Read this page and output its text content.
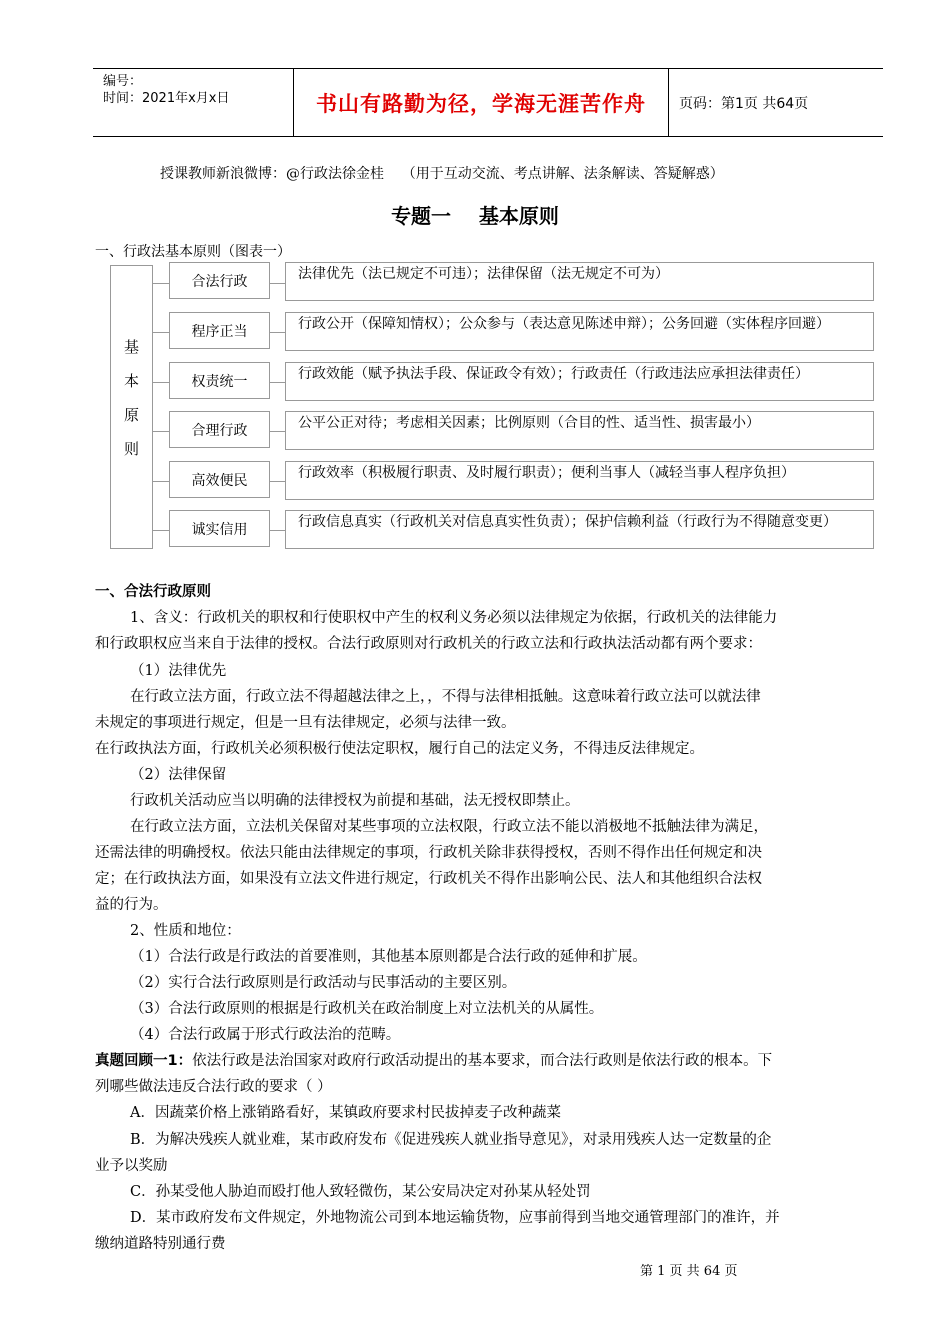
编号：
时间：2021年x月x日	书山有路勤为径，学海无涯苦作舟	页码：第1页 共64页
授课教师新浪微博：@行政法徐金桂    （用于互动交流、考点讲解、法条解读、答疑解惑）
专题一    基本原则
一、行政法基本原则（图表一）
基本原则
合法行政	法律优先（法已规定不可违）；法律保留（法无规定不可为）
程序正当	行政公开（保障知情权）；公众参与（表达意见陈述申辩）；公务回避（实体程序回避）
权责统一	行政效能（赋予执法手段、保证政令有效）；行政责任（行政违法应承担法律责任）
合理行政	公平公正对待；考虑相关因素；比例原则（合目的性、适当性、损害最小）
高效便民	行政效率（积极履行职责、及时履行职责）；便利当事人（减轻当事人程序负担）
诚实信用	行政信息真实（行政机关对信息真实性负责）；保护信赖利益（行政行为不得随意变更）
一、合法行政原则
1、含义：行政机关的职权和行使职权中产生的权利义务必须以法律规定为依据，行政机关的法律能力
和行政职权应当来自于法律的授权。合法行政原则对行政机关的行政立法和行政执法活动都有两个要求：
（1）法律优先
在行政立法方面，行政立法不得超越法律之上，，不得与法律相抵触。这意味着行政立法可以就法律
未规定的事项进行规定，但是一旦有法律规定，必须与法律一致。
在行政执法方面，行政机关必须积极行使法定职权，履行自己的法定义务，不得违反法律规定。
（2）法律保留
行政机关活动应当以明确的法律授权为前提和基础，法无授权即禁止。
在行政立法方面，立法机关保留对某些事项的立法权限，行政立法不能以消极地不抵触法律为满足，
还需法律的明确授权。依法只能由法律规定的事项，行政机关除非获得授权，否则不得作出任何规定和决
定；在行政执法方面，如果没有立法文件进行规定，行政机关不得作出影响公民、法人和其他组织合法权
益的行为。
2、性质和地位：
（1）合法行政是行政法的首要准则，其他基本原则都是合法行政的延伸和扩展。
（2）实行合法行政原则是行政活动与民事活动的主要区别。
（3）合法行政原则的根据是行政机关在政治制度上对立法机关的从属性。
（4）合法行政属于形式行政法治的范畴。
真题回顾一1：依法行政是法治国家对政府行政活动提出的基本要求，而合法行政则是依法行政的根本。下
列哪些做法违反合法行政的要求（ ）
A．因蔬菜价格上涨销路看好，某镇政府要求村民拔掉麦子改种蔬菜
B．为解决残疾人就业难，某市政府发布《促进残疾人就业指导意见》，对录用残疾人达一定数量的企
业予以奖励
C．孙某受他人胁迫而殴打他人致轻微伤，某公安局决定对孙某从轻处罚
D．某市政府发布文件规定，外地物流公司到本地运输货物，应事前得到当地交通管理部门的准许，并
缴纳道路特别通行费
第 1 页 共 64 页
